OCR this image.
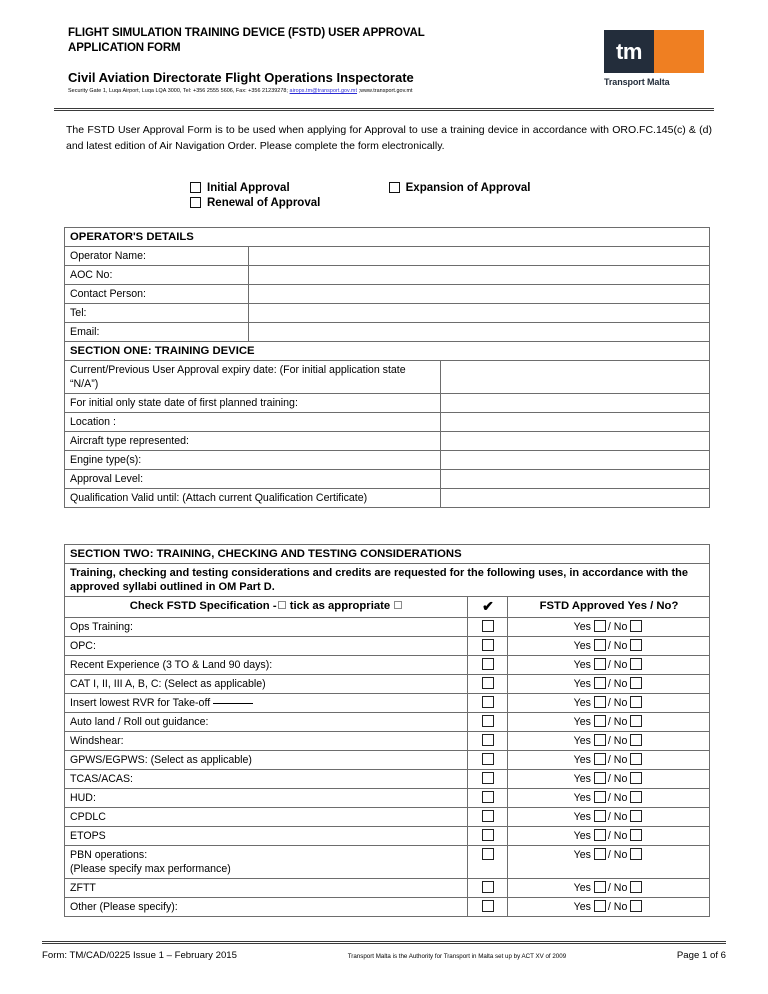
FLIGHT SIMULATION TRAINING DEVICE (FSTD) USER APPROVAL
APPLICATION FORM
Civil Aviation Directorate Flight Operations Inspectorate
Security Gate 1, Luqa Airport, Luqa LQA 3000, Tel: +356 2555 5606, Fax: +356 21239278; airops.tm@transport.gov.mt ;www.transport.gov.mt
tm
Transport Malta
The FSTD User Approval Form is to be used when applying for Approval to use a training device in accordance with ORO.FC.145(c) & (d) and latest edition of Air Navigation Order. Please complete the form electronically.
Initial Approval	Expansion of Approval
Renewal of Approval
OPERATOR'S DETAILS	
Operator Name:	
AOC No:	
Contact Person:	
Tel:	
Email:	
SECTION ONE: TRAINING DEVICE	
Current/Previous User Approval expiry date: (For initial application state “N/A”)	
For initial only state date of first planned training:	
Location :	
Aircraft type represented:	
Engine type(s):	
Approval Level:	
Qualification Valid until: (Attach current Qualification Certificate)	
SECTION TWO: TRAINING, CHECKING AND TESTING CONSIDERATIONS		
Training, checking and testing considerations and credits are requested for the following uses, in accordance with the approved syllabi outlined in OM Part D.		
Check FSTD Specification - tick as appropriate	✔	FSTD Approved Yes / No?
Ops Training:		Yes / No
OPC:		Yes / No
Recent Experience (3 TO & Land 90 days):		Yes / No
CAT I, II, III A, B, C: (Select as applicable)		Yes / No
Insert lowest RVR for Take-off		Yes / No
Auto land / Roll out guidance:		Yes / No
Windshear:		Yes / No
GPWS/EGPWS: (Select as applicable)		Yes / No
TCAS/ACAS:		Yes / No
HUD:		Yes / No
CPDLC		Yes / No
ETOPS		Yes / No
PBN operations:
(Please specify max performance)		Yes / No
ZFTT		Yes / No
Other (Please specify):		Yes / No
Form: TM/CAD/0225 Issue 1 – February 2015	Transport Malta is the Authority for Transport in Malta set up by ACT XV of 2009	Page 1 of 6
